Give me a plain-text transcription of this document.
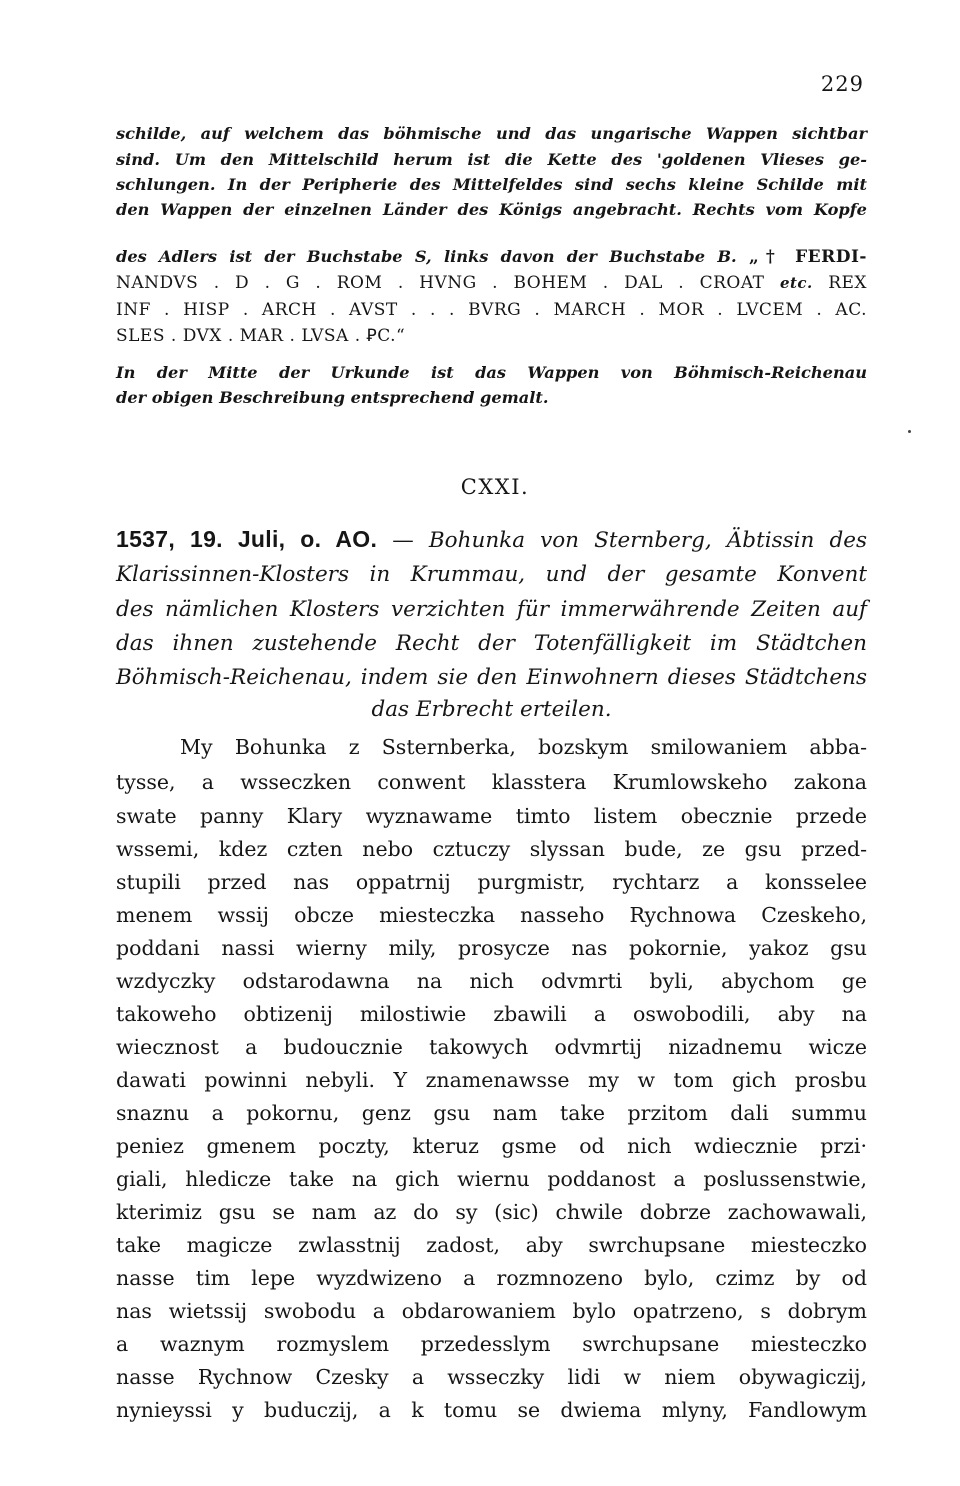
229
schilde, auf welchem das böhmische und das ungarische Wappen sichtbar
sind. Um den Mittelschild herum ist die Kette des 'goldenen Vlieses ge-
schlungen. In der Peripherie des Mittelfeldes sind sechs kleine Schilde mit
den Wappen der einzelnen Länder des Königs angebracht. Rechts vom Kopfe
des Adlers ist der Buchstabe S, links davon der Buchstabe B. „† FERDI-
NANDVS . D . G . ROM . HVNG . BOHEM . DAL . CROAT etc. REX
INF . HISP . ARCH . AVST . . . BVRG . MARCH . MOR . LVCEM . AC.
SLES . DVX . MAR . LVSA . ꝐC.“
In der Mitte der Urkunde ist das Wappen von Böhmisch-Reichenau
der obigen Beschreibung entsprechend gemalt.
CXXI.
1537, 19. Juli, o. AO. — Bohunka von Sternberg, Äbtissin des
Klarissinnen-Klosters in Krummau, und der gesamte Konvent
des nämlichen Klosters verzichten für immerwährende Zeiten auf
das ihnen zustehende Recht der Totenfälligkeit im Städtchen
Böhmisch-Reichenau, indem sie den Einwohnern dieses Städtchens
das Erbrecht erteilen.
My Bohunka z Ssternberka, bozskym smilowaniem abba-
tysse, a wsseczken conwent klasstera Krumlowskeho zakona
swate panny Klary wyznawame timto listem obecznie przede
wssemi, kdez czten nebo cztuczy slyssan bude, ze gsu przed-
stupili przed nas oppatrnij purgmistr, rychtarz a konsselee
menem wssij obcze miesteczka nasseho Rychnowa Czeskeho,
poddani nassi wierny mily, prosycze nas pokornie, yakoz gsu
wzdyczky odstarodawna na nich odvmrti byli, abychom ge
takoweho obtizenij milostiwie zbawili a oswobodili, aby na
wiecznost a budoucznie takowych odvmrtij nizadnemu wicze
dawati powinni nebyli. Y znamenawsse my w tom gich prosbu
snaznu a pokornu, genz gsu nam take przitom dali summu
peniez gmenem poczty, kteruz gsme od nich wdiecznie przi·
giali, hledicze take na gich wiernu poddanost a poslussenstwie,
kterimiz gsu se nam az do sy (sic) chwile dobrze zachowawali,
take magicze zwlasstnij zadost, aby swrchupsane miesteczko
nasse tim lepe wyzdwizeno a rozmnozeno bylo, czimz by od
nas wietssij swobodu a obdarowaniem bylo opatrzeno, s dobrym
a waznym rozmyslem przedesslym swrchupsane miesteczko
nasse Rychnow Czesky a wsseczky lidi w niem obywagiczij,
nynieyssi y buduczij, a k tomu se dwiema mlyny, Fandlowym
